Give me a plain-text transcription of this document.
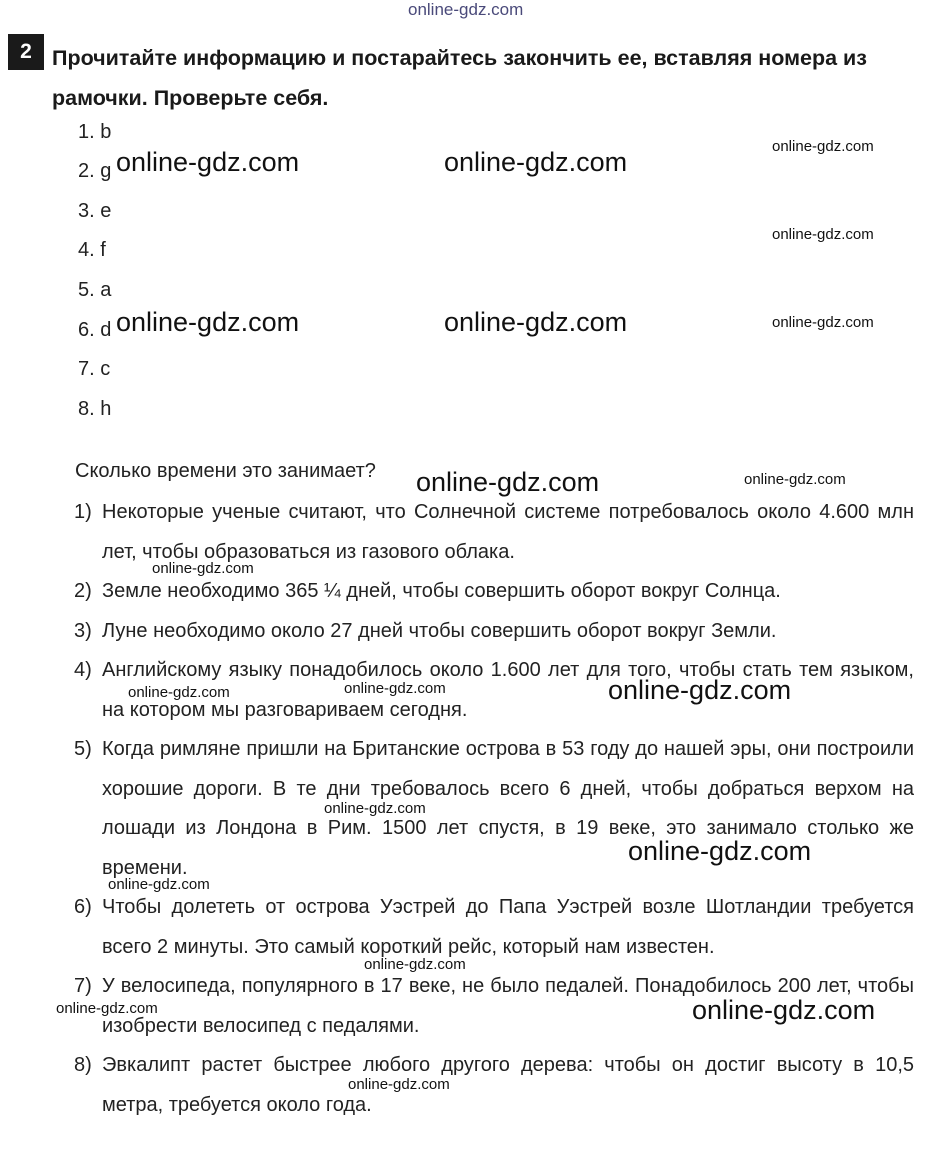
online-gdz.com
2 Прочитайте информацию и постарайтесь закончить ее, вставляя номера из рамочки. Проверьте себя.
1. b
2. g
3. e
4. f
5. a
6. d
7. c
8. h
Сколько времени это занимает?
1) Некоторые ученые считают, что Солнечной системе потребовалось около 4.600 млн лет, чтобы образоваться из газового облака.
2) Земле необходимо 365 ¼ дней, чтобы совершить оборот вокруг Солнца.
3) Луне необходимо около 27 дней чтобы совершить оборот вокруг Земли.
4) Английскому языку понадобилось около 1.600 лет для того, чтобы стать тем языком, на котором мы разговариваем сегодня.
5) Когда римляне пришли на Британские острова в 53 году до нашей эры, они построили хорошие дороги. В те дни требовалось всего 6 дней, чтобы добраться верхом на лошади из Лондона в Рим. 1500 лет спустя, в 19 веке, это занимало столько же времени.
6) Чтобы долететь от острова Уэстрей до Папа Уэстрей возле Шотландии требуется всего 2 минуты. Это самый короткий рейс, который нам известен.
7) У велосипеда, популярного в 17 веке, не было педалей. Понадобилось 200 лет, чтобы изобрести велосипед с педалями.
8) Эвкалипт растет быстрее любого другого дерева: чтобы он достиг высоту в 10,5 метра, требуется около года.
online-gdz.com	online-gdz.com
online-gdz.com
online-gdz.com
online-gdz.com	online-gdz.com	online-gdz.com
online-gdz.com	online-gdz.com
online-gdz.com
online-gdz.com	online-gdz.com	online-gdz.com
online-gdz.com
online-gdz.com
online-gdz.com
online-gdz.com
online-gdz.com	online-gdz.com
online-gdz.com
